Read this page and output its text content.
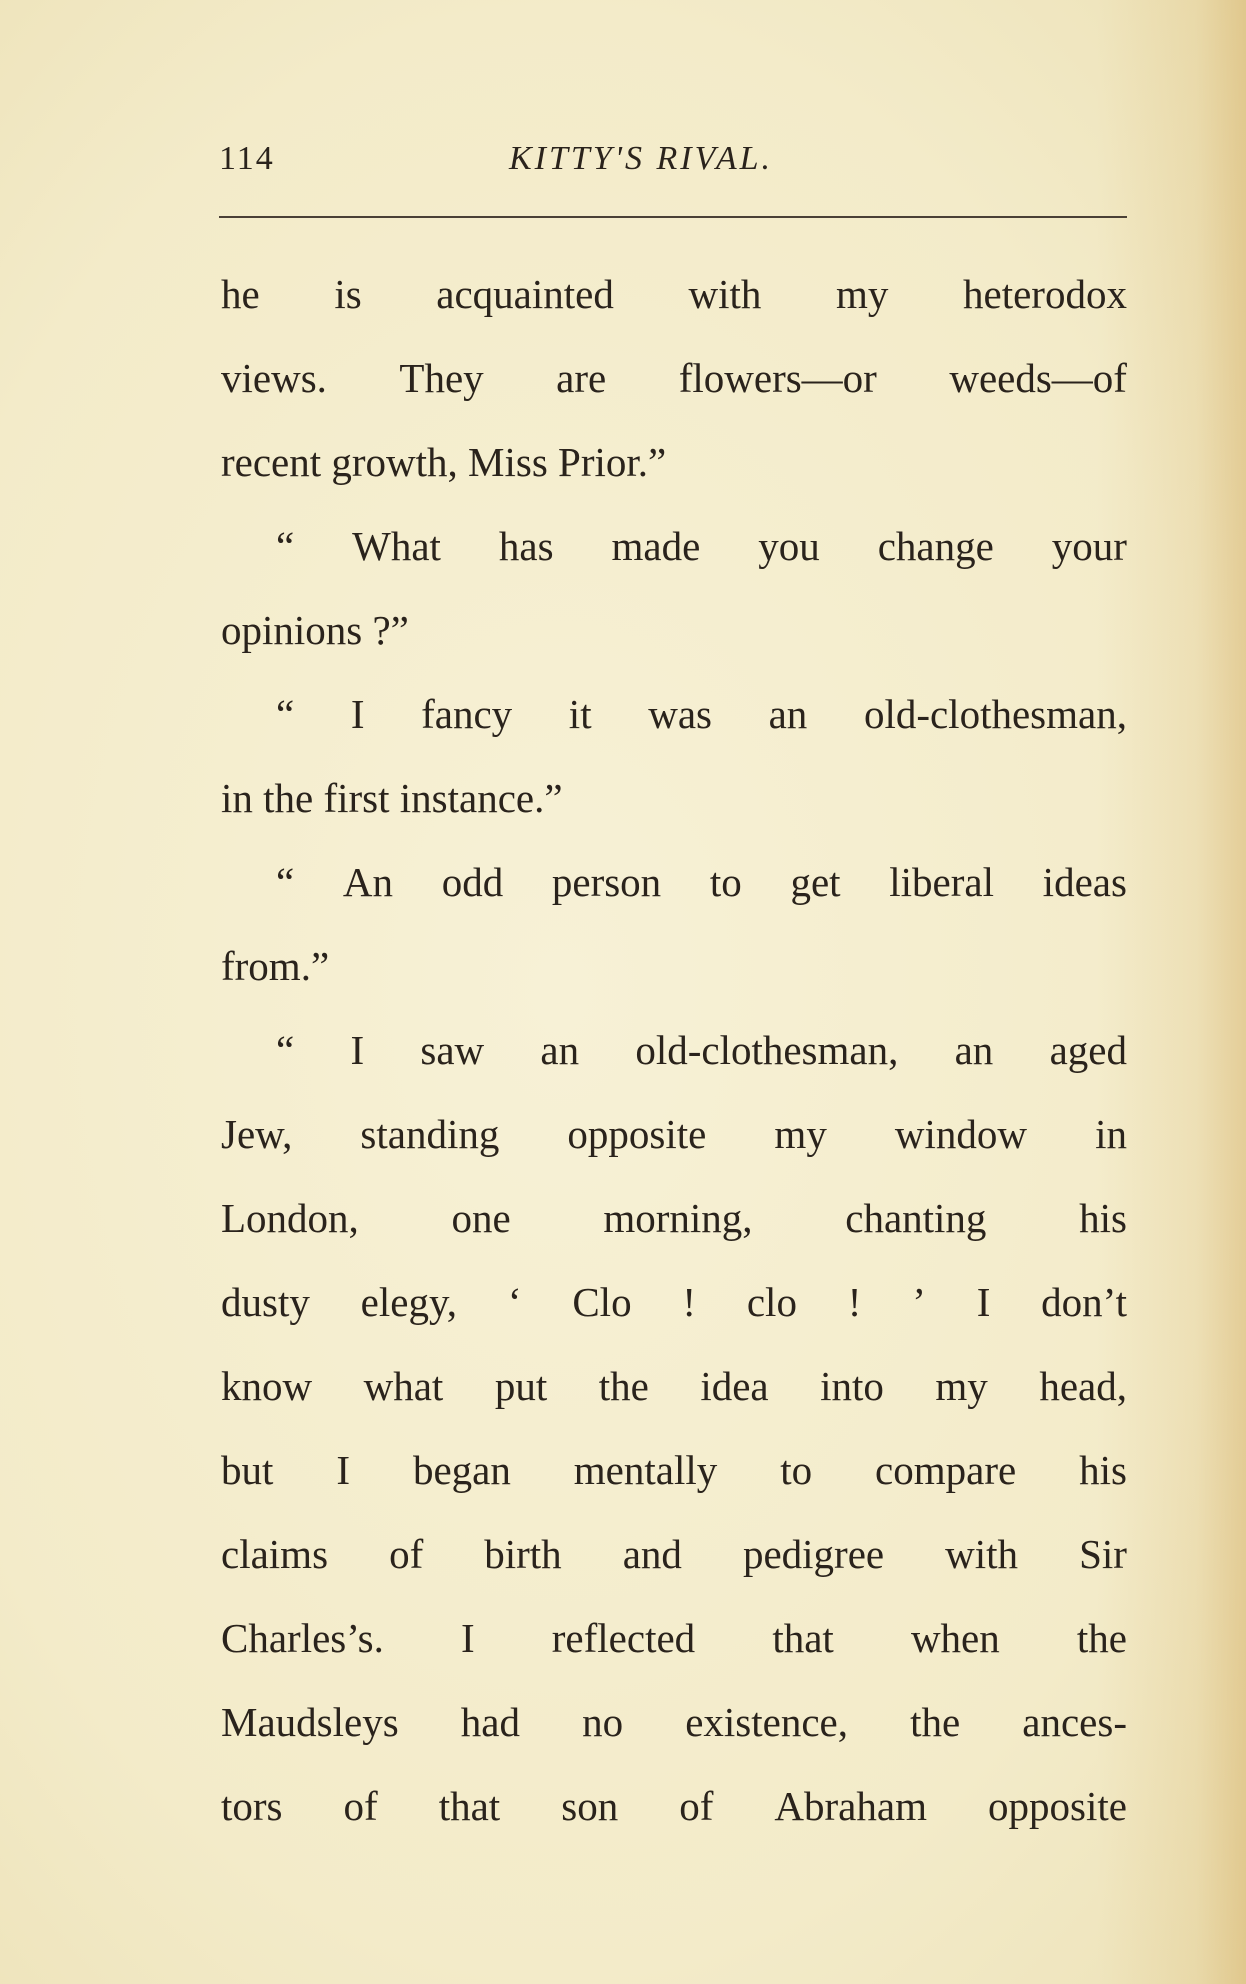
114	KITTY'S RIVAL.
he is acquainted with my heterodox
views. They are flowers—or weeds—of
recent growth, Miss Prior.”
“ What has made you change your
opinions ?”
“ I fancy it was an old-clothesman,
in the first instance.”
“ An odd person to get liberal ideas
from.”
“ I saw an old-clothesman, an aged
Jew, standing opposite my window in
London, one morning, chanting his
dusty elegy, ‘ Clo ! clo ! ’ I don’t
know what put the idea into my head,
but I began mentally to compare his
claims of birth and pedigree with Sir
Charles’s. I reflected that when the
Maudsleys had no existence, the ances-
tors of that son of Abraham opposite
